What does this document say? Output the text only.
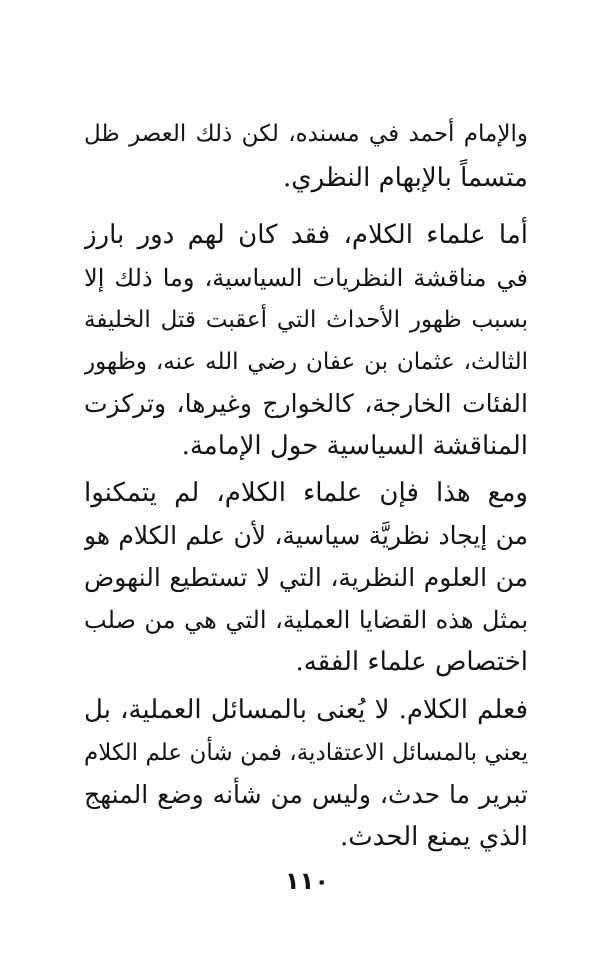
والإمام أحمد في مسنده، لكن ذلك العصر ظل
متسماً بالإبهام النظري.
أما علماء الكلام، فقد كان لهم دور بارز
في مناقشة النظريات السياسية، وما ذلك إلا
بسبب ظهور الأحداث التي أعقبت قتل الخليفة
الثالث، عثمان بن عفان رضي الله عنه، وظهور
الفئات الخارجة، كالخوارج وغيرها، وتركزت
المناقشة السياسية حول الإمامة.
ومع هذا فإن علماء الكلام، لم يتمكنوا
من إيجاد نظريَّة سياسية، لأن علم الكلام هو
من العلوم النظرية، التي لا تستطيع النهوض
بمثل هذه القضايا العملية، التي هي من صلب
اختصاص علماء الفقه.
فعلم الكلام. لا يُعنى بالمسائل العملية، بل
يعني بالمسائل الاعتقادية، فمن شأن علم الكلام
تبرير ما حدث، وليس من شأنه وضع المنهج
الذي يمنع الحدث.
١١٠
